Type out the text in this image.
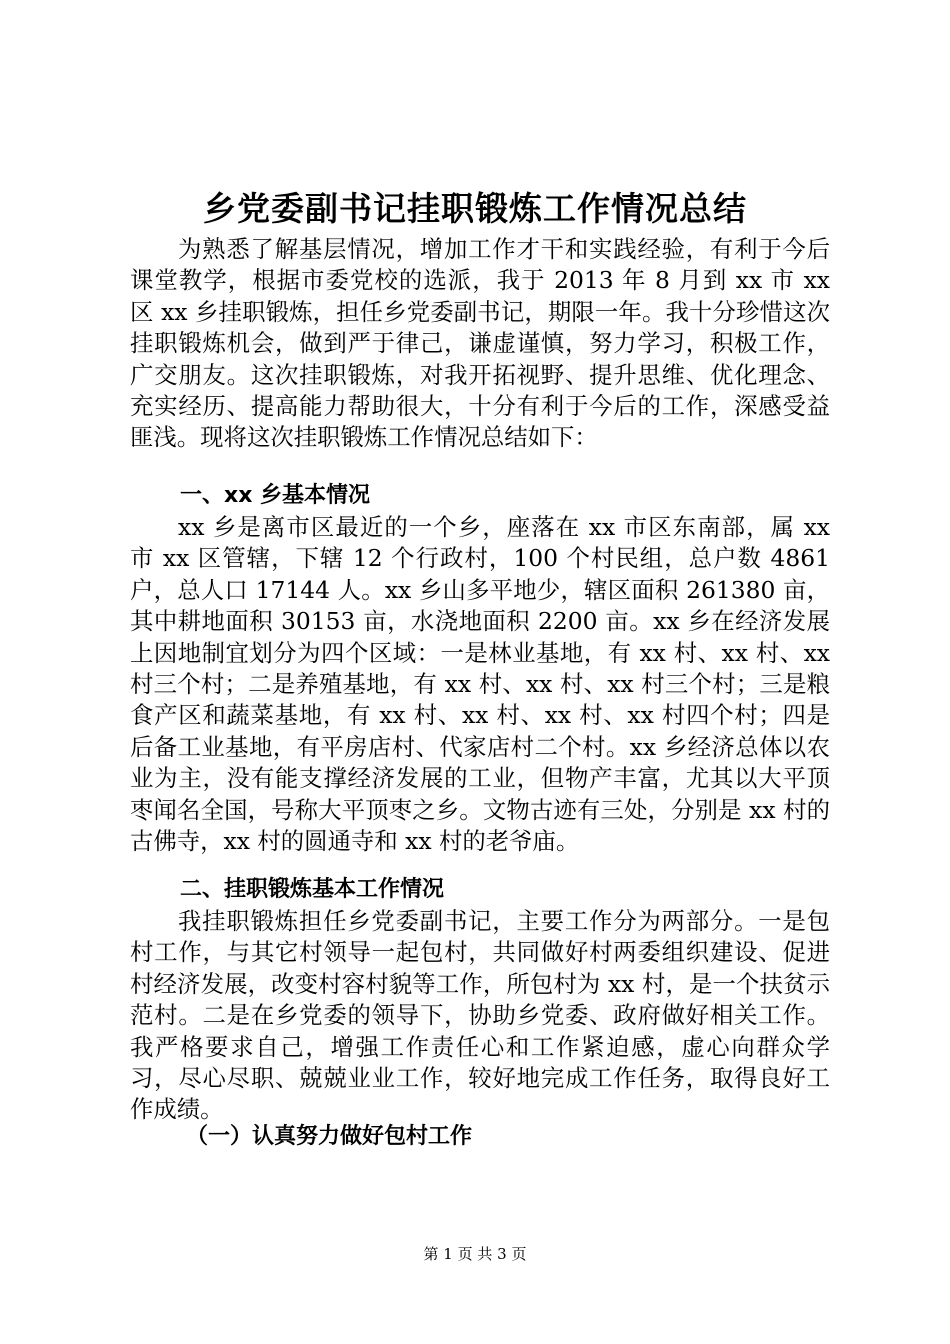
乡党委副书记挂职锻炼工作情况总结

为熟悉了解基层情况，增加工作才干和实践经验，有利于今后课堂教学，根据市委党校的选派，我于 2013 年 8 月到 xx 市 xx 区 xx 乡挂职锻炼，担任乡党委副书记，期限一年。我十分珍惜这次挂职锻炼机会，做到严于律己，谦虚谨慎，努力学习，积极工作，广交朋友。这次挂职锻炼，对我开拓视野、提升思维、优化理念、充实经历、提高能力帮助很大，十分有利于今后的工作，深感受益匪浅。现将这次挂职锻炼工作情况总结如下：

一、xx 乡基本情况

xx 乡是离市区最近的一个乡，座落在 xx 市区东南部，属 xx 市 xx 区管辖，下辖 12 个行政村，100 个村民组，总户数 4861 户，总人口 17144 人。xx 乡山多平地少，辖区面积 261380 亩，其中耕地面积 30153 亩，水浇地面积 2200 亩。xx 乡在经济发展上因地制宜划分为四个区域：一是林业基地，有 xx 村、xx 村、xx 村三个村；二是养殖基地，有 xx 村、xx 村、xx 村三个村；三是粮食产区和蔬菜基地，有 xx 村、xx 村、xx 村、xx 村四个村；四是后备工业基地，有平房店村、代家店村二个村。xx 乡经济总体以农业为主，没有能支撑经济发展的工业，但物产丰富，尤其以大平顶枣闻名全国，号称大平顶枣之乡。文物古迹有三处，分别是 xx 村的古佛寺，xx 村的圆通寺和 xx 村的老爷庙。

二、挂职锻炼基本工作情况

我挂职锻炼担任乡党委副书记，主要工作分为两部分。一是包村工作，与其它村领导一起包村，共同做好村两委组织建设、促进村经济发展，改变村容村貌等工作，所包村为 xx 村，是一个扶贫示范村。二是在乡党委的领导下，协助乡党委、政府做好相关工作。我严格要求自己，增强工作责任心和工作紧迫感，虚心向群众学习，尽心尽职、兢兢业业工作，较好地完成工作任务，取得良好工作成绩。

（一）认真努力做好包村工作

第 1 页 共 3 页
